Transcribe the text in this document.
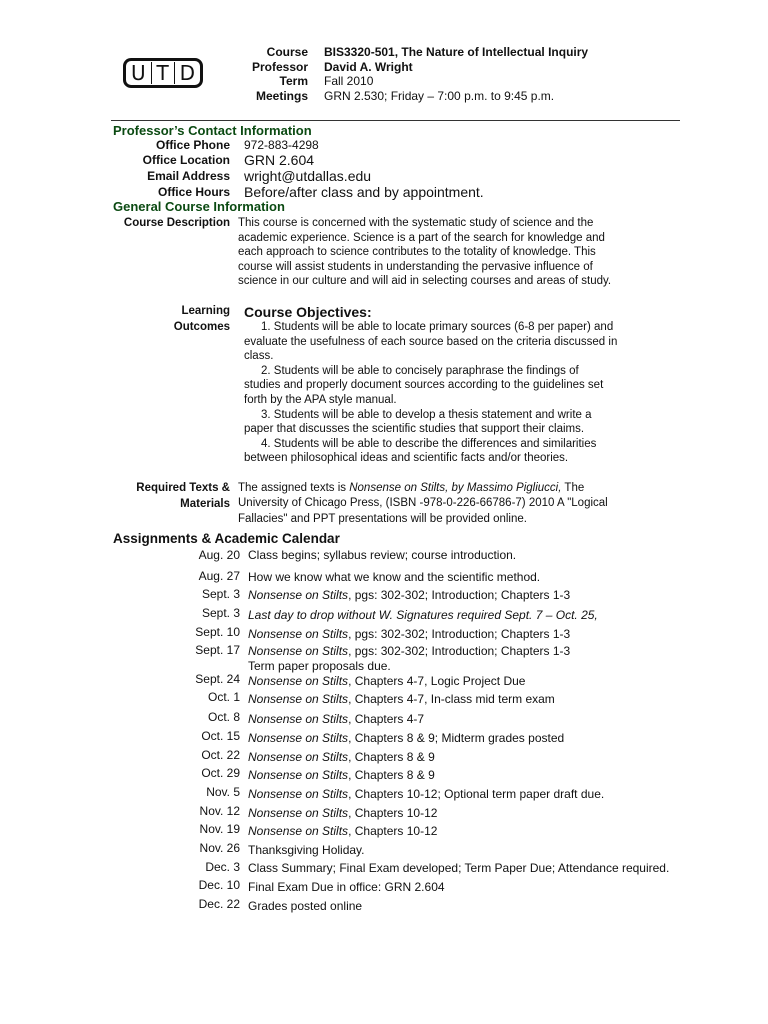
U T D
Course BIS3320-501, The Nature of Intellectual Inquiry
Professor David A. Wright
Term Fall 2010
Meetings GRN 2.530; Friday – 7:00 p.m. to 9:45 p.m.
Professor’s Contact Information
Office Phone 972-883-4298
Office Location GRN 2.604
Email Address wright@utdallas.edu
Office Hours Before/after class and by appointment.
General Course Information
Course Description This course is concerned with the systematic study of science and the
academic experience. Science is a part of the search for knowledge and
each approach to science contributes to the totality of knowledge. This
course will assist students in understanding the pervasive influence of
science in our culture and will aid in selecting courses and areas of study.
Learning
Outcomes
Course Objectives:
1. Students will be able to locate primary sources (6-8 per paper) and
evaluate the usefulness of each source based on the criteria discussed in
class.
2. Students will be able to concisely paraphrase the findings of
studies and properly document sources according to the guidelines set
forth by the APA style manual.
3. Students will be able to develop a thesis statement and write a
paper that discusses the scientific studies that support their claims.
4. Students will be able to describe the differences and similarities
between philosophical ideas and scientific facts and/or theories.
Required Texts &
Materials
The assigned texts is Nonsense on Stilts, by Massimo Pigliucci, The
University of Chicago Press, (ISBN -978-0-226-66786-7) 2010 A "Logical
Fallacies" and PPT presentations will be provided online.
Assignments & Academic Calendar
Aug. 20 Class begins; syllabus review; course introduction.
Aug. 27 How we know what we know and the scientific method.
Sept. 3 Nonsense on Stilts, pgs: 302-302; Introduction; Chapters 1-3
Sept. 3 Last day to drop without W. Signatures required Sept. 7 – Oct. 25,
Sept. 10 Nonsense on Stilts, pgs: 302-302; Introduction; Chapters 1-3
Sept. 17 Nonsense on Stilts, pgs: 302-302; Introduction; Chapters 1-3
Term paper proposals due.
Sept. 24 Nonsense on Stilts, Chapters 4-7, Logic Project Due
Oct. 1 Nonsense on Stilts, Chapters 4-7, In-class mid term exam
Oct. 8 Nonsense on Stilts, Chapters 4-7
Oct. 15 Nonsense on Stilts, Chapters 8 & 9; Midterm grades posted
Oct. 22 Nonsense on Stilts, Chapters 8 & 9
Oct. 29 Nonsense on Stilts, Chapters 8 & 9
Nov. 5 Nonsense on Stilts, Chapters 10-12; Optional term paper draft due.
Nov. 12 Nonsense on Stilts, Chapters 10-12
Nov. 19 Nonsense on Stilts, Chapters 10-12
Nov. 26 Thanksgiving Holiday.
Dec. 3 Class Summary; Final Exam developed; Term Paper Due; Attendance required.
Dec. 10 Final Exam Due in office: GRN 2.604
Dec. 22 Grades posted online
